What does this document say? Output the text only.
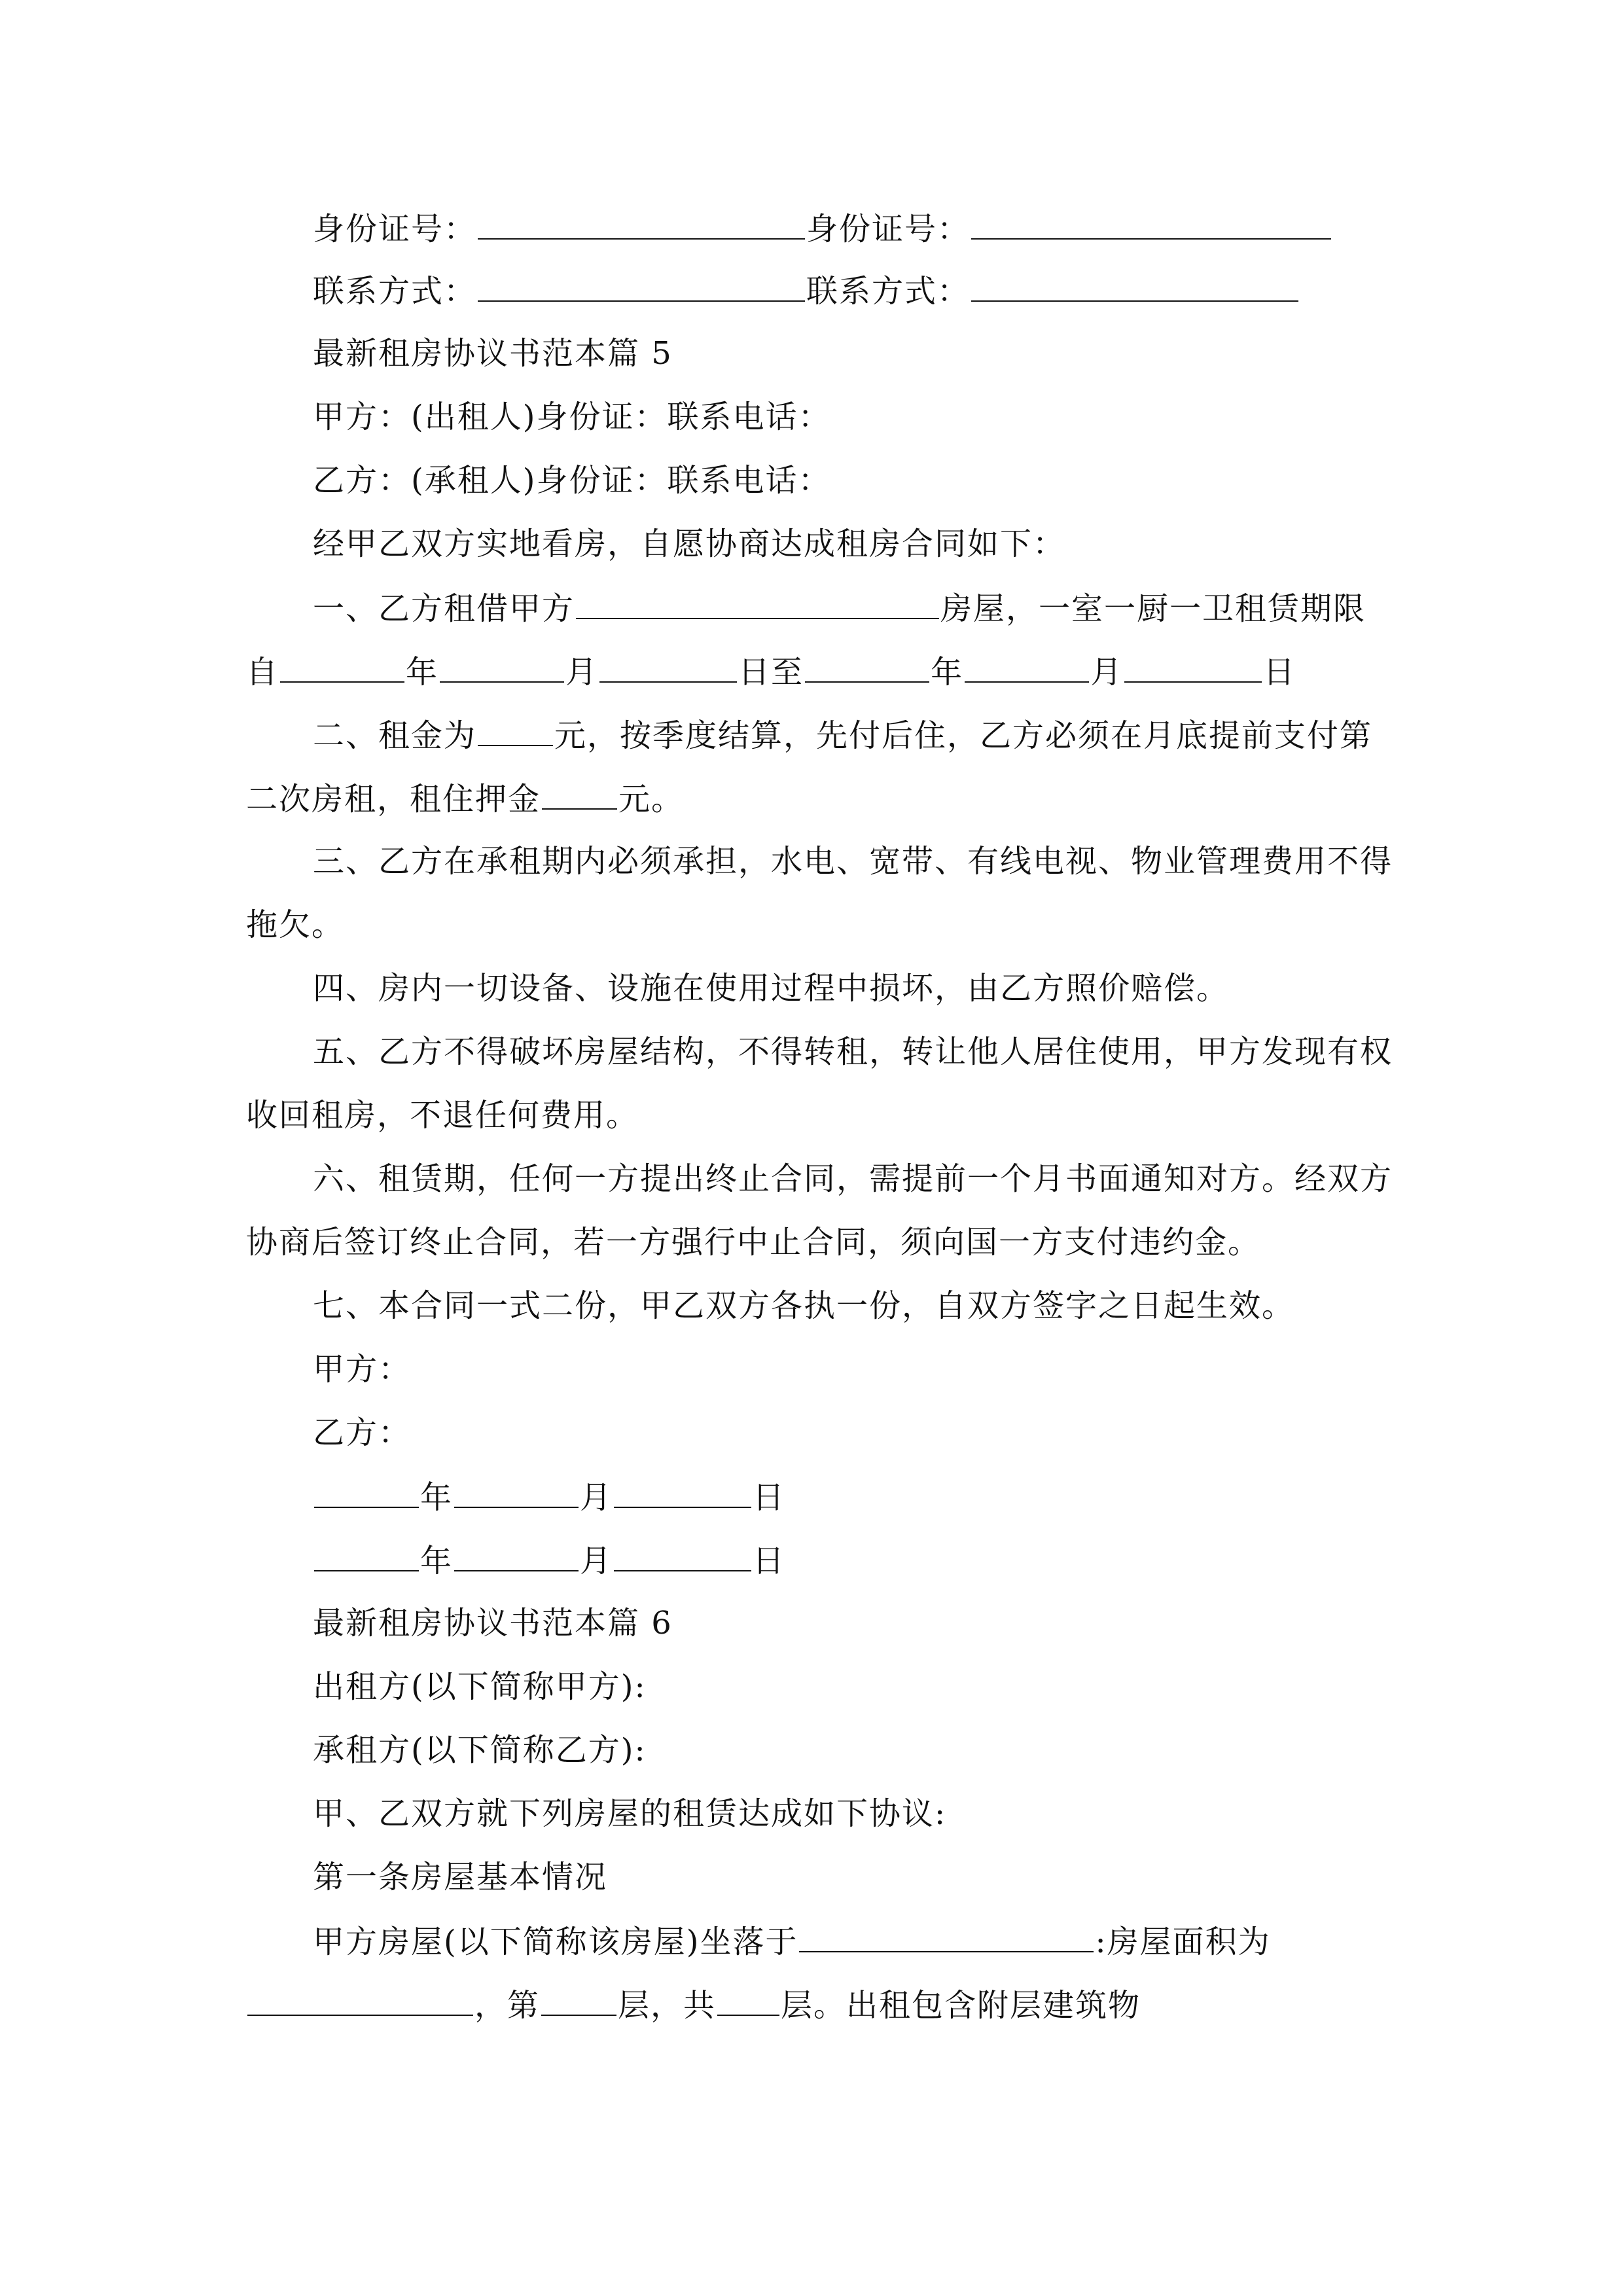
身份证号：	身份证号：
联系方式：	联系方式：
最新租房协议书范本篇 5
甲方：(出租人)身份证：联系电话：
乙方：(承租人)身份证：联系电话：
经甲乙双方实地看房，自愿协商达成租房合同如下：
一、乙方租借甲方	房屋，一室一厨一卫租赁期限
自	年	月	日至	年	月	日
二、租金为 元，按季度结算，先付后住，乙方必须在月底提前支付第
二次房租，租住押金 元。
三、乙方在承租期内必须承担，水电、宽带、有线电视、物业管理费用不得
拖欠。
四、房内一切设备、设施在使用过程中损坏，由乙方照价赔偿。
五、乙方不得破坏房屋结构，不得转租，转让他人居住使用，甲方发现有权
收回租房，不退任何费用。
六、租赁期，任何一方提出终止合同，需提前一个月书面通知对方。经双方
协商后签订终止合同，若一方强行中止合同，须向国一方支付违约金。
七、本合同一式二份，甲乙双方各执一份，自双方签字之日起生效。
甲方：
乙方：
年	月	日
年	月	日
最新租房协议书范本篇 6
出租方(以下简称甲方):
承租方(以下简称乙方):
甲、乙双方就下列房屋的租赁达成如下协议:
第一条房屋基本情况
甲方房屋(以下简称该房屋)坐落于	:房屋面积为
，第 层，共 层。出租包含附层建筑物
